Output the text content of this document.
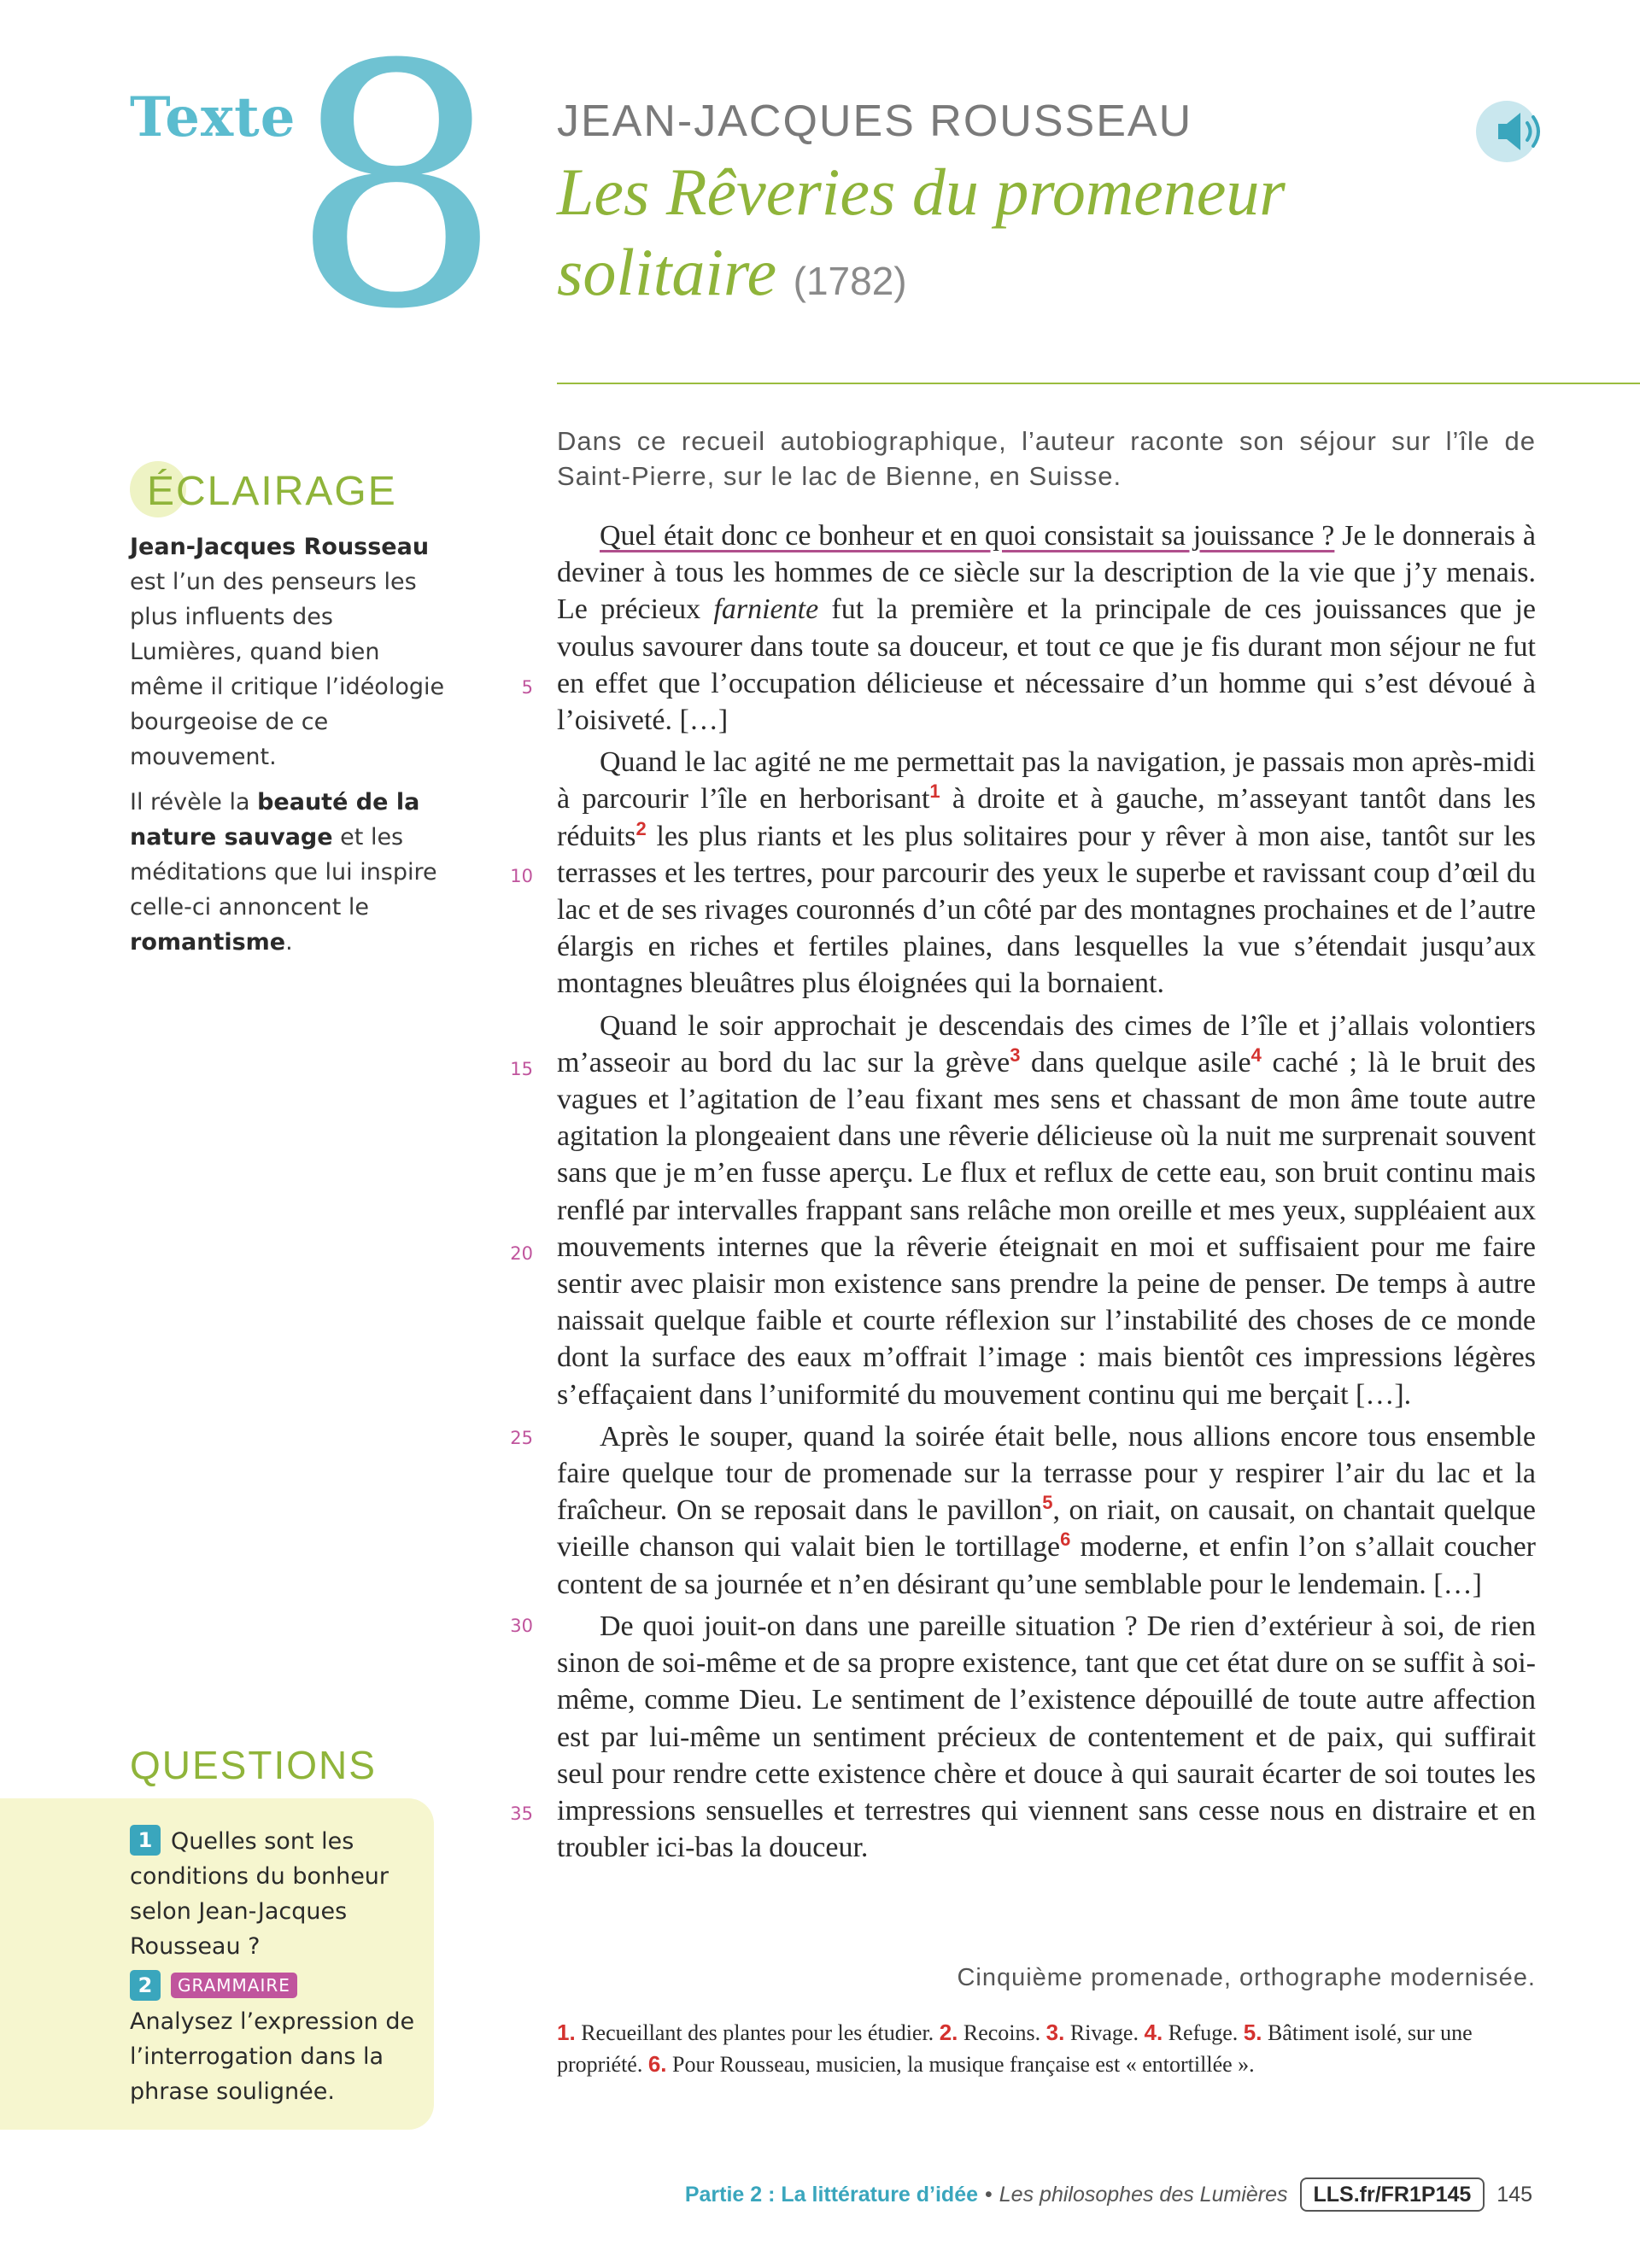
Texte
8 JEAN-JACQUES ROUSSEAU
Les Rêveries du promeneur
solitaire (1782)
ÉCLAIRAGE

Jean-Jacques Rousseau est l’un des penseurs les plus influents des Lumières, quand bien même il critique l’idéologie bourgeoise de ce mouvement.

Il révèle la beauté de la nature sauvage et les méditations que lui inspire celle-ci annoncent le romantisme.

QUESTIONS
1 Quelles sont les conditions du bonheur selon Jean-Jacques Rousseau ?
2 GRAMMAIRE
Analysez l’expression de l’interrogation dans la phrase soulignée.
Dans ce recueil autobiographique, l’auteur raconte son séjour sur l’île de Saint-Pierre, sur le lac de Bienne, en Suisse.

Quel était donc ce bonheur et en quoi consistait sa jouissance ? Je le donnerais à deviner à tous les hommes de ce siècle sur la description de la vie que j’y menais. Le précieux farniente fut la première et la principale de ces jouissances que je voulus savourer dans toute sa douceur, et tout ce que je fis durant mon séjour ne fut en effet que l’occupation délicieuse et nécessaire d’un homme qui s’est dévoué à l’oisiveté. […]

Quand le lac agité ne me permettait pas la navigation, je passais mon après-midi à parcourir l’île en herborisant$^1$ à droite et à gauche, m’asseyant tantôt dans les réduits$^2$ les plus riants et les plus solitaires pour y rêver à mon aise, tantôt sur les terrasses et les tertres, pour parcourir des yeux le superbe et ravissant coup d’œil du lac et de ses rivages couronnés d’un côté par des montagnes prochaines et de l’autre élargis en riches et fertiles plaines, dans lesquelles la vue s’étendait jusqu’aux montagnes bleuâtres plus éloignées qui la bornaient.

Quand le soir approchait je descendais des cimes de l’île et j’allais volontiers m’asseoir au bord du lac sur la grève$^3$ dans quelque asile$^4$ caché ; là le bruit des vagues et l’agitation de l’eau fixant mes sens et chassant de mon âme toute autre agitation la plongeaient dans une rêverie délicieuse où la nuit me surprenait souvent sans que je m’en fusse aperçu. Le flux et reflux de cette eau, son bruit continu mais renflé par intervalles frappant sans relâche mon oreille et mes yeux, suppléaient aux mouvements internes que la rêverie éteignait en moi et suffisaient pour me faire sentir avec plaisir mon existence sans prendre la peine de penser. De temps à autre naissait quelque faible et courte réflexion sur l’instabilité des choses de ce monde dont la surface des eaux m’offrait l’image : mais bientôt ces impressions légères s’effaçaient dans l’uniformité du mouvement continu qui me berçait […].

Après le souper, quand la soirée était belle, nous allions encore tous ensemble faire quelque tour de promenade sur la terrasse pour y respirer l’air du lac et la fraîcheur. On se reposait dans le pavillon$^5$, on riait, on causait, on chantait quelque vieille chanson qui valait bien le tortillage$^6$ moderne, et enfin l’on s’allait coucher content de sa journée et n’en désirant qu’une semblable pour le lendemain. […]

De quoi jouit-on dans une pareille situation ? De rien d’extérieur à soi, de rien sinon de soi-même et de sa propre existence, tant que cet état dure on se suffit à soi-même, comme Dieu. Le sentiment de l’existence dépouillé de toute autre affection est par lui-même un sentiment précieux de contentement et de paix, qui suffirait seul pour rendre cette existence chère et douce à qui saurait écarter de soi toutes les impressions sensuelles et terrestres qui viennent sans cesse nous en distraire et en troubler ici-bas la douceur.

5
10
15
20
25
30
35
Cinquième promenade, orthographe modernisée.
1. Recueillant des plantes pour les étudier. 2. Recoins. 3. Rivage. 4. Refuge. 5. Bâtiment isolé, sur une propriété. 6. Pour Rousseau, musicien, la musique française est « entortillée ».
Partie 2 : La littérature d’idée • Les philosophes des Lumières	LLS.fr/FR1P145	145
